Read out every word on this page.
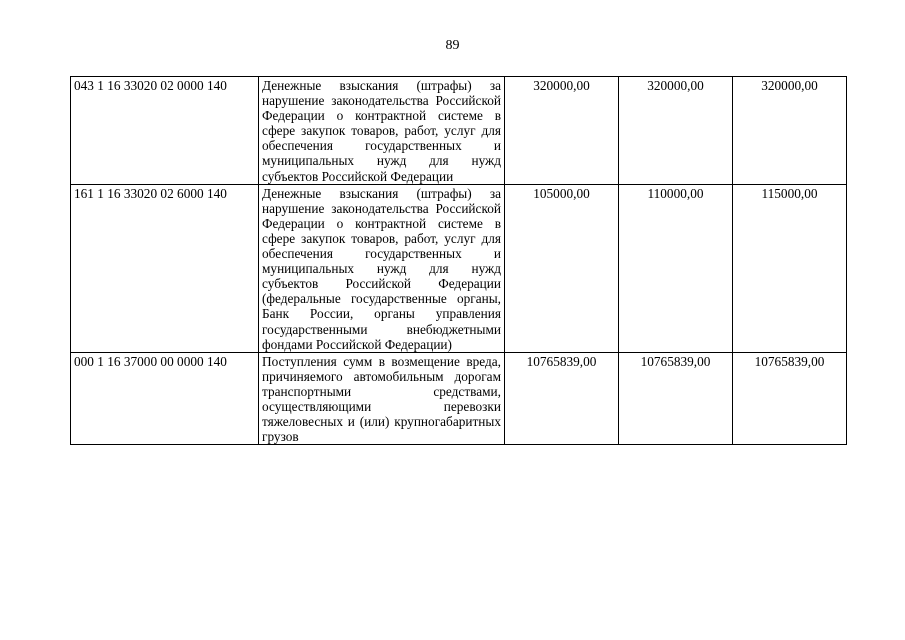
89
043 1 16 33020 02 0000 140	Денежные взыскания (штрафы) за нарушение законодательства Российской Федерации о контрактной системе в сфере закупок товаров, работ, услуг для обеспечения государственных и муниципальных нужд для нужд субъектов Российской Федерации	320000,00	320000,00	320000,00
161 1 16 33020 02 6000 140	Денежные взыскания (штрафы) за нарушение законодательства Российской Федерации о контрактной системе в сфере закупок товаров, работ, услуг для обеспечения государственных и муниципальных нужд для нужд субъектов Российской Федерации (федеральные государственные органы, Банк России, органы управления государственными внебюджетными фондами Российской Федерации)	105000,00	110000,00	115000,00
000 1 16 37000 00 0000 140	Поступления сумм в возмещение вреда, причиняемого автомобильным дорогам транспортными средствами, осуществляющими перевозки тяжеловесных и (или) крупногабаритных грузов	10765839,00	10765839,00	10765839,00
